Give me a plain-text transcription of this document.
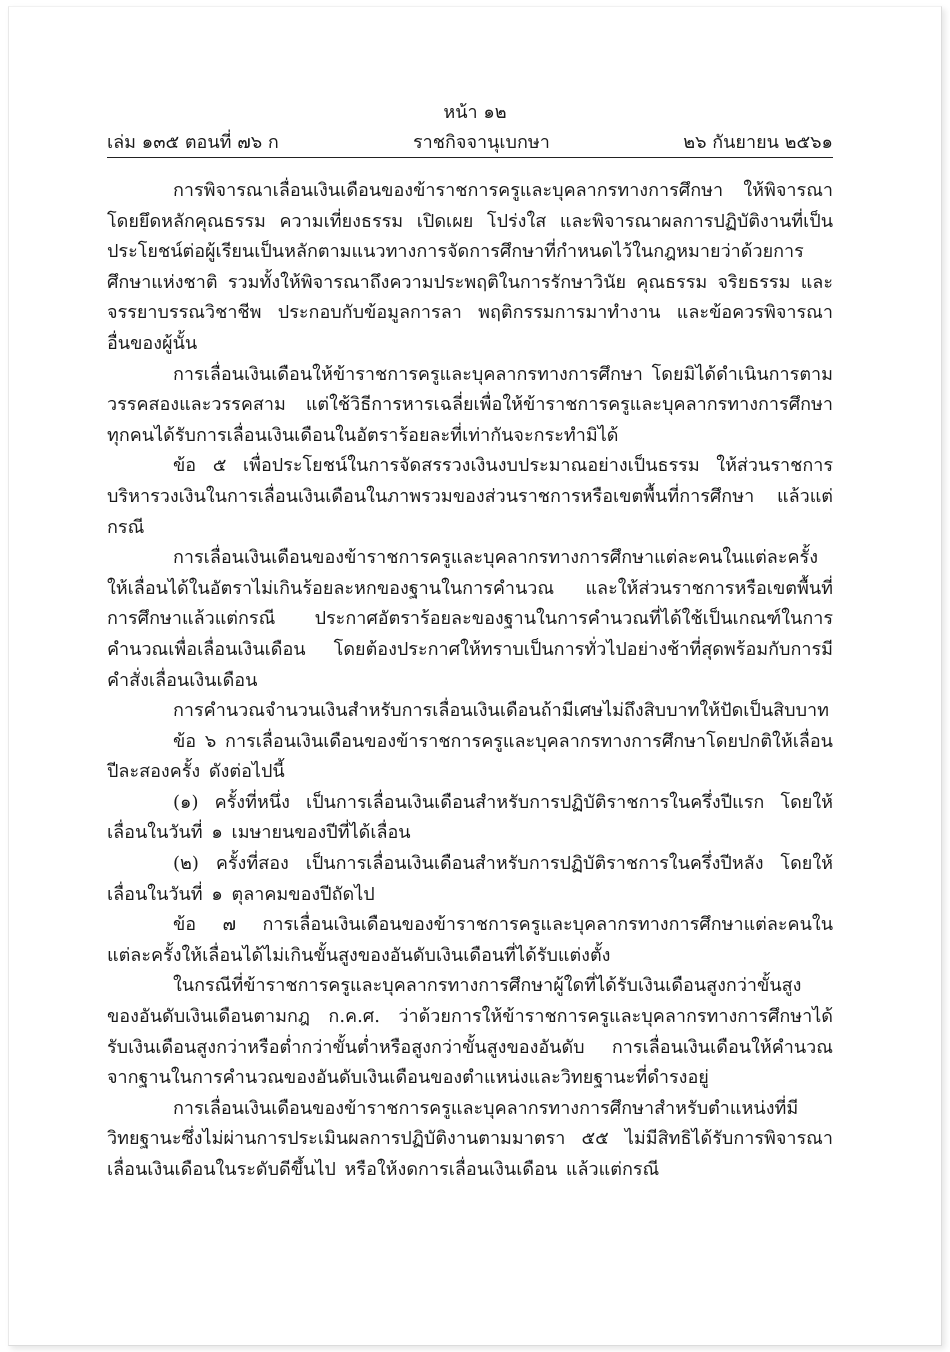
หน้า ๑๒
เล่ม ๑๓๕ ตอนที่ ๗๖ ก	ราชกิจจานุเบกษา	๒๖ กันยายน ๒๕๖๑

การพิจารณาเลื่อนเงินเดือนของข้าราชการครูและบุคลากรทางการศึกษา ให้พิจารณาโดยยึดหลักคุณธรรม ความเที่ยงธรรม เปิดเผย โปร่งใส และพิจารณาผลการปฏิบัติงานที่เป็นประโยชน์ต่อผู้เรียนเป็นหลักตามแนวทางการจัดการศึกษาที่กำหนดไว้ในกฎหมายว่าด้วยการศึกษาแห่งชาติ รวมทั้งให้พิจารณาถึงความประพฤติในการรักษาวินัย คุณธรรม จริยธรรม และจรรยาบรรณวิชาชีพ ประกอบกับข้อมูลการลา พฤติกรรมการมาทำงาน และข้อควรพิจารณาอื่นของผู้นั้น

การเลื่อนเงินเดือนให้ข้าราชการครูและบุคลากรทางการศึกษา โดยมิได้ดำเนินการตามวรรคสองและวรรคสาม แต่ใช้วิธีการหารเฉลี่ยเพื่อให้ข้าราชการครูและบุคลากรทางการศึกษาทุกคนได้รับการเลื่อนเงินเดือนในอัตราร้อยละที่เท่ากันจะกระทำมิได้

ข้อ ๕ เพื่อประโยชน์ในการจัดสรรวงเงินงบประมาณอย่างเป็นธรรม ให้ส่วนราชการบริหารวงเงินในการเลื่อนเงินเดือนในภาพรวมของส่วนราชการหรือเขตพื้นที่การศึกษา แล้วแต่กรณี

การเลื่อนเงินเดือนของข้าราชการครูและบุคลากรทางการศึกษาแต่ละคนในแต่ละครั้งให้เลื่อนได้ในอัตราไม่เกินร้อยละหกของฐานในการคำนวณ และให้ส่วนราชการหรือเขตพื้นที่การศึกษาแล้วแต่กรณี ประกาศอัตราร้อยละของฐานในการคำนวณที่ได้ใช้เป็นเกณฑ์ในการคำนวณเพื่อเลื่อนเงินเดือน โดยต้องประกาศให้ทราบเป็นการทั่วไปอย่างช้าที่สุดพร้อมกับการมีคำสั่งเลื่อนเงินเดือน

การคำนวณจำนวนเงินสำหรับการเลื่อนเงินเดือนถ้ามีเศษไม่ถึงสิบบาทให้ปัดเป็นสิบบาท

ข้อ ๖ การเลื่อนเงินเดือนของข้าราชการครูและบุคลากรทางการศึกษาโดยปกติให้เลื่อนปีละสองครั้ง ดังต่อไปนี้

(๑) ครั้งที่หนึ่ง เป็นการเลื่อนเงินเดือนสำหรับการปฏิบัติราชการในครึ่งปีแรก โดยให้เลื่อนในวันที่ ๑ เมษายนของปีที่ได้เลื่อน

(๒) ครั้งที่สอง เป็นการเลื่อนเงินเดือนสำหรับการปฏิบัติราชการในครึ่งปีหลัง โดยให้เลื่อนในวันที่ ๑ ตุลาคมของปีถัดไป

ข้อ ๗ การเลื่อนเงินเดือนของข้าราชการครูและบุคลากรทางการศึกษาแต่ละคนในแต่ละครั้งให้เลื่อนได้ไม่เกินขั้นสูงของอันดับเงินเดือนที่ได้รับแต่งตั้ง

ในกรณีที่ข้าราชการครูและบุคลากรทางการศึกษาผู้ใดที่ได้รับเงินเดือนสูงกว่าขั้นสูงของอันดับเงินเดือนตามกฎ ก.ค.ศ. ว่าด้วยการให้ข้าราชการครูและบุคลากรทางการศึกษาได้รับเงินเดือนสูงกว่าหรือต่ำกว่าขั้นต่ำหรือสูงกว่าขั้นสูงของอันดับ การเลื่อนเงินเดือนให้คำนวณจากฐานในการคำนวณของอันดับเงินเดือนของตำแหน่งและวิทยฐานะที่ดำรงอยู่

การเลื่อนเงินเดือนของข้าราชการครูและบุคลากรทางการศึกษาสำหรับตำแหน่งที่มีวิทยฐานะซึ่งไม่ผ่านการประเมินผลการปฏิบัติงานตามมาตรา ๕๕ ไม่มีสิทธิได้รับการพิจารณาเลื่อนเงินเดือนในระดับดีขึ้นไป หรือให้งดการเลื่อนเงินเดือน แล้วแต่กรณี
